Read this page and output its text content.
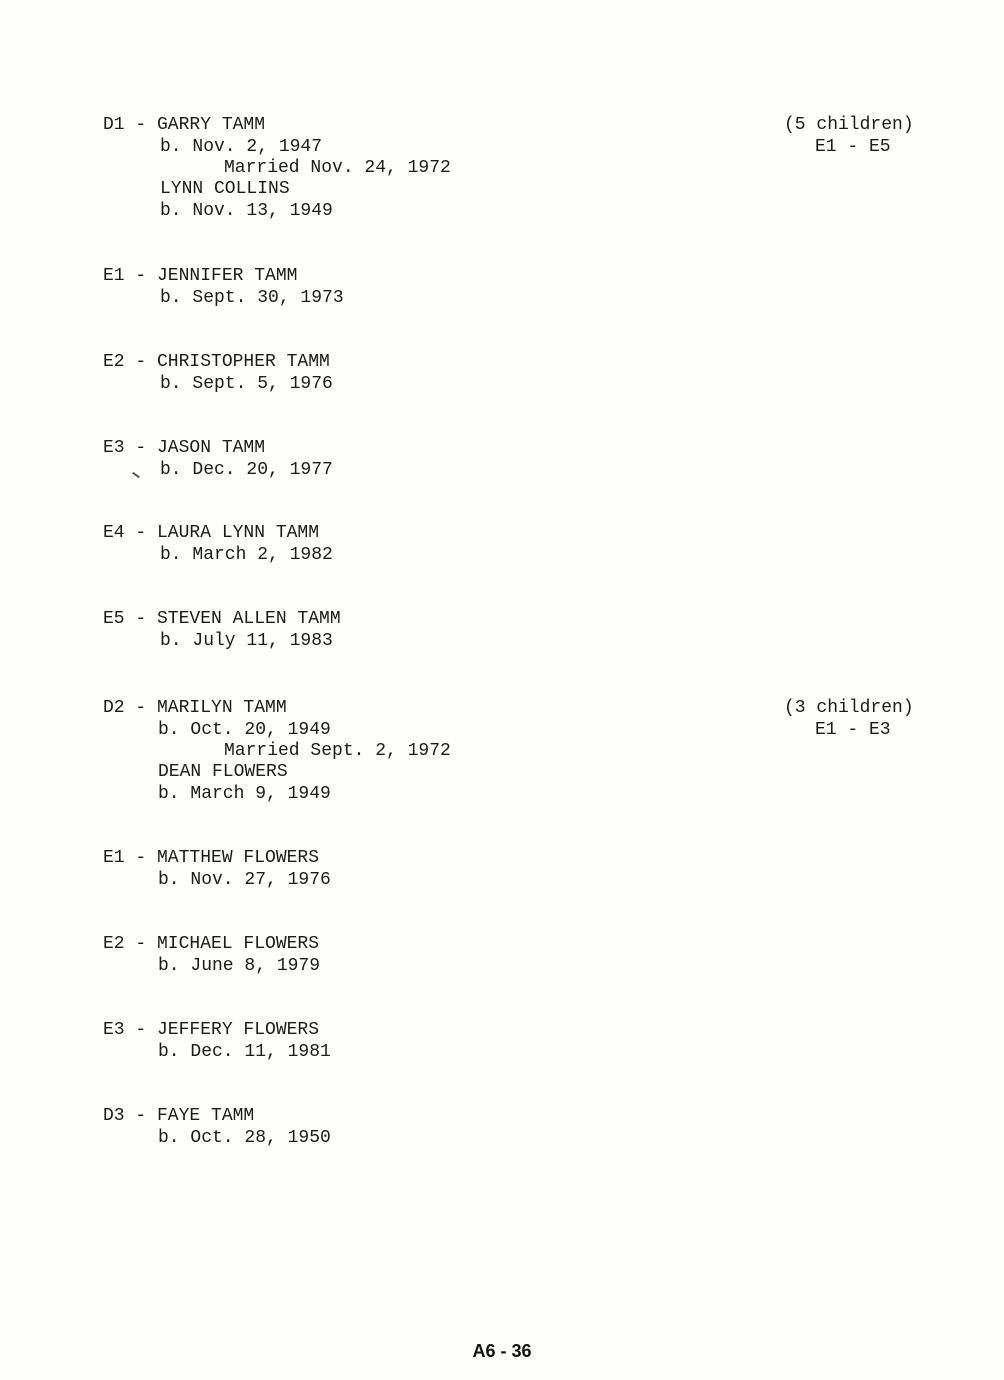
D1 - GARRY TAMM
b. Nov. 2, 1947
Married Nov. 24, 1972
LYNN COLLINS
b. Nov. 13, 1949
(5 children)
E1 - E5
E1 - JENNIFER TAMM
b. Sept. 30, 1973
E2 - CHRISTOPHER TAMM
b. Sept. 5, 1976
E3 - JASON TAMM
b. Dec. 20, 1977
E4 - LAURA LYNN TAMM
b. March 2, 1982
E5 - STEVEN ALLEN TAMM
b. July 11, 1983
D2 - MARILYN TAMM
b. Oct. 20, 1949
Married Sept. 2, 1972
DEAN FLOWERS
b. March 9, 1949
(3 children)
E1 - E3
E1 - MATTHEW FLOWERS
b. Nov. 27, 1976
E2 - MICHAEL FLOWERS
b. June 8, 1979
E3 - JEFFERY FLOWERS
b. Dec. 11, 1981
D3 - FAYE TAMM
b. Oct. 28, 1950
A6 - 36
